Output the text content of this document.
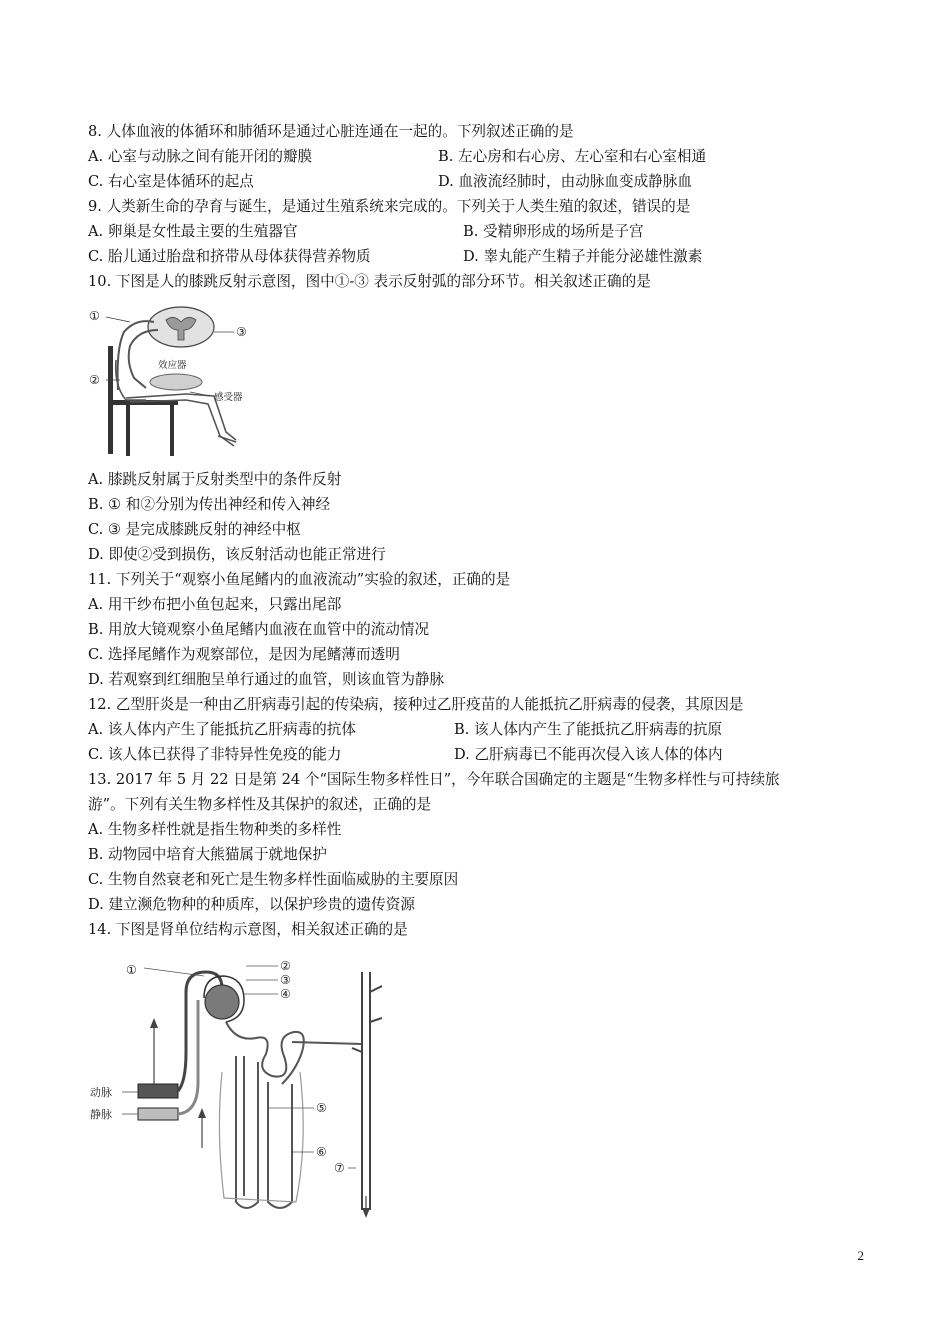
8. 人体血液的体循环和肺循环是通过心脏连通在一起的。下列叙述正确的是
A. 心室与动脉之间有能开闭的瓣膜	B. 左心房和右心房、左心室和右心室相通
C. 右心室是体循环的起点	D. 血液流经肺时，由动脉血变成静脉血
9. 人类新生命的孕育与诞生，是通过生殖系统来完成的。下列关于人类生殖的叙述，错误的是
A. 卵巢是女性最主要的生殖器官	B. 受精卵形成的场所是子宫
C. 胎儿通过胎盘和挤带从母体获得营养物质	D. 睾丸能产生精子并能分泌雄性激素
10. 下图是人的膝跳反射示意图，图中①-③ 表示反射弧的部分环节。相关叙述正确的是
①
②
③
效应器
感受器
A. 膝跳反射属于反射类型中的条件反射
B. ① 和②分别为传出神经和传入神经
C. ③ 是完成膝跳反射的神经中枢
D. 即使②受到损伤，该反射活动也能正常进行
11. 下列关于“观察小鱼尾鳍内的血液流动”实验的叙述，正确的是
A. 用干纱布把小鱼包起来，只露出尾部
B. 用放大镜观察小鱼尾鳍内血液在血管中的流动情况
C. 选择尾鳍作为观察部位，是因为尾鳍薄而透明
D. 若观察到红细胞呈单行通过的血管，则该血管为静脉
12. 乙型肝炎是一种由乙肝病毒引起的传染病，接种过乙肝疫苗的人能抵抗乙肝病毒的侵袭，其原因是
A. 该人体内产生了能抵抗乙肝病毒的抗体	B. 该人体内产生了能抵抗乙肝病毒的抗原
C. 该人体已获得了非特异性免疫的能力	D. 乙肝病毒已不能再次侵入该人体的体内
13. 2017 年 5 月 22 日是第 24 个“国际生物多样性日”，今年联合国确定的主题是“生物多样性与可持续旅
游”。下列有关生物多样性及其保护的叙述，正确的是
A. 生物多样性就是指生物种类的多样性
B. 动物园中培育大熊猫属于就地保护
C. 生物自然衰老和死亡是生物多样性面临威胁的主要原因
D. 建立濒危物种的种质库，以保护珍贵的遗传资源
14. 下图是肾单位结构示意图，相关叙述正确的是
①	②
③
④
⑤
⑥
⑦
动脉
静脉
2
